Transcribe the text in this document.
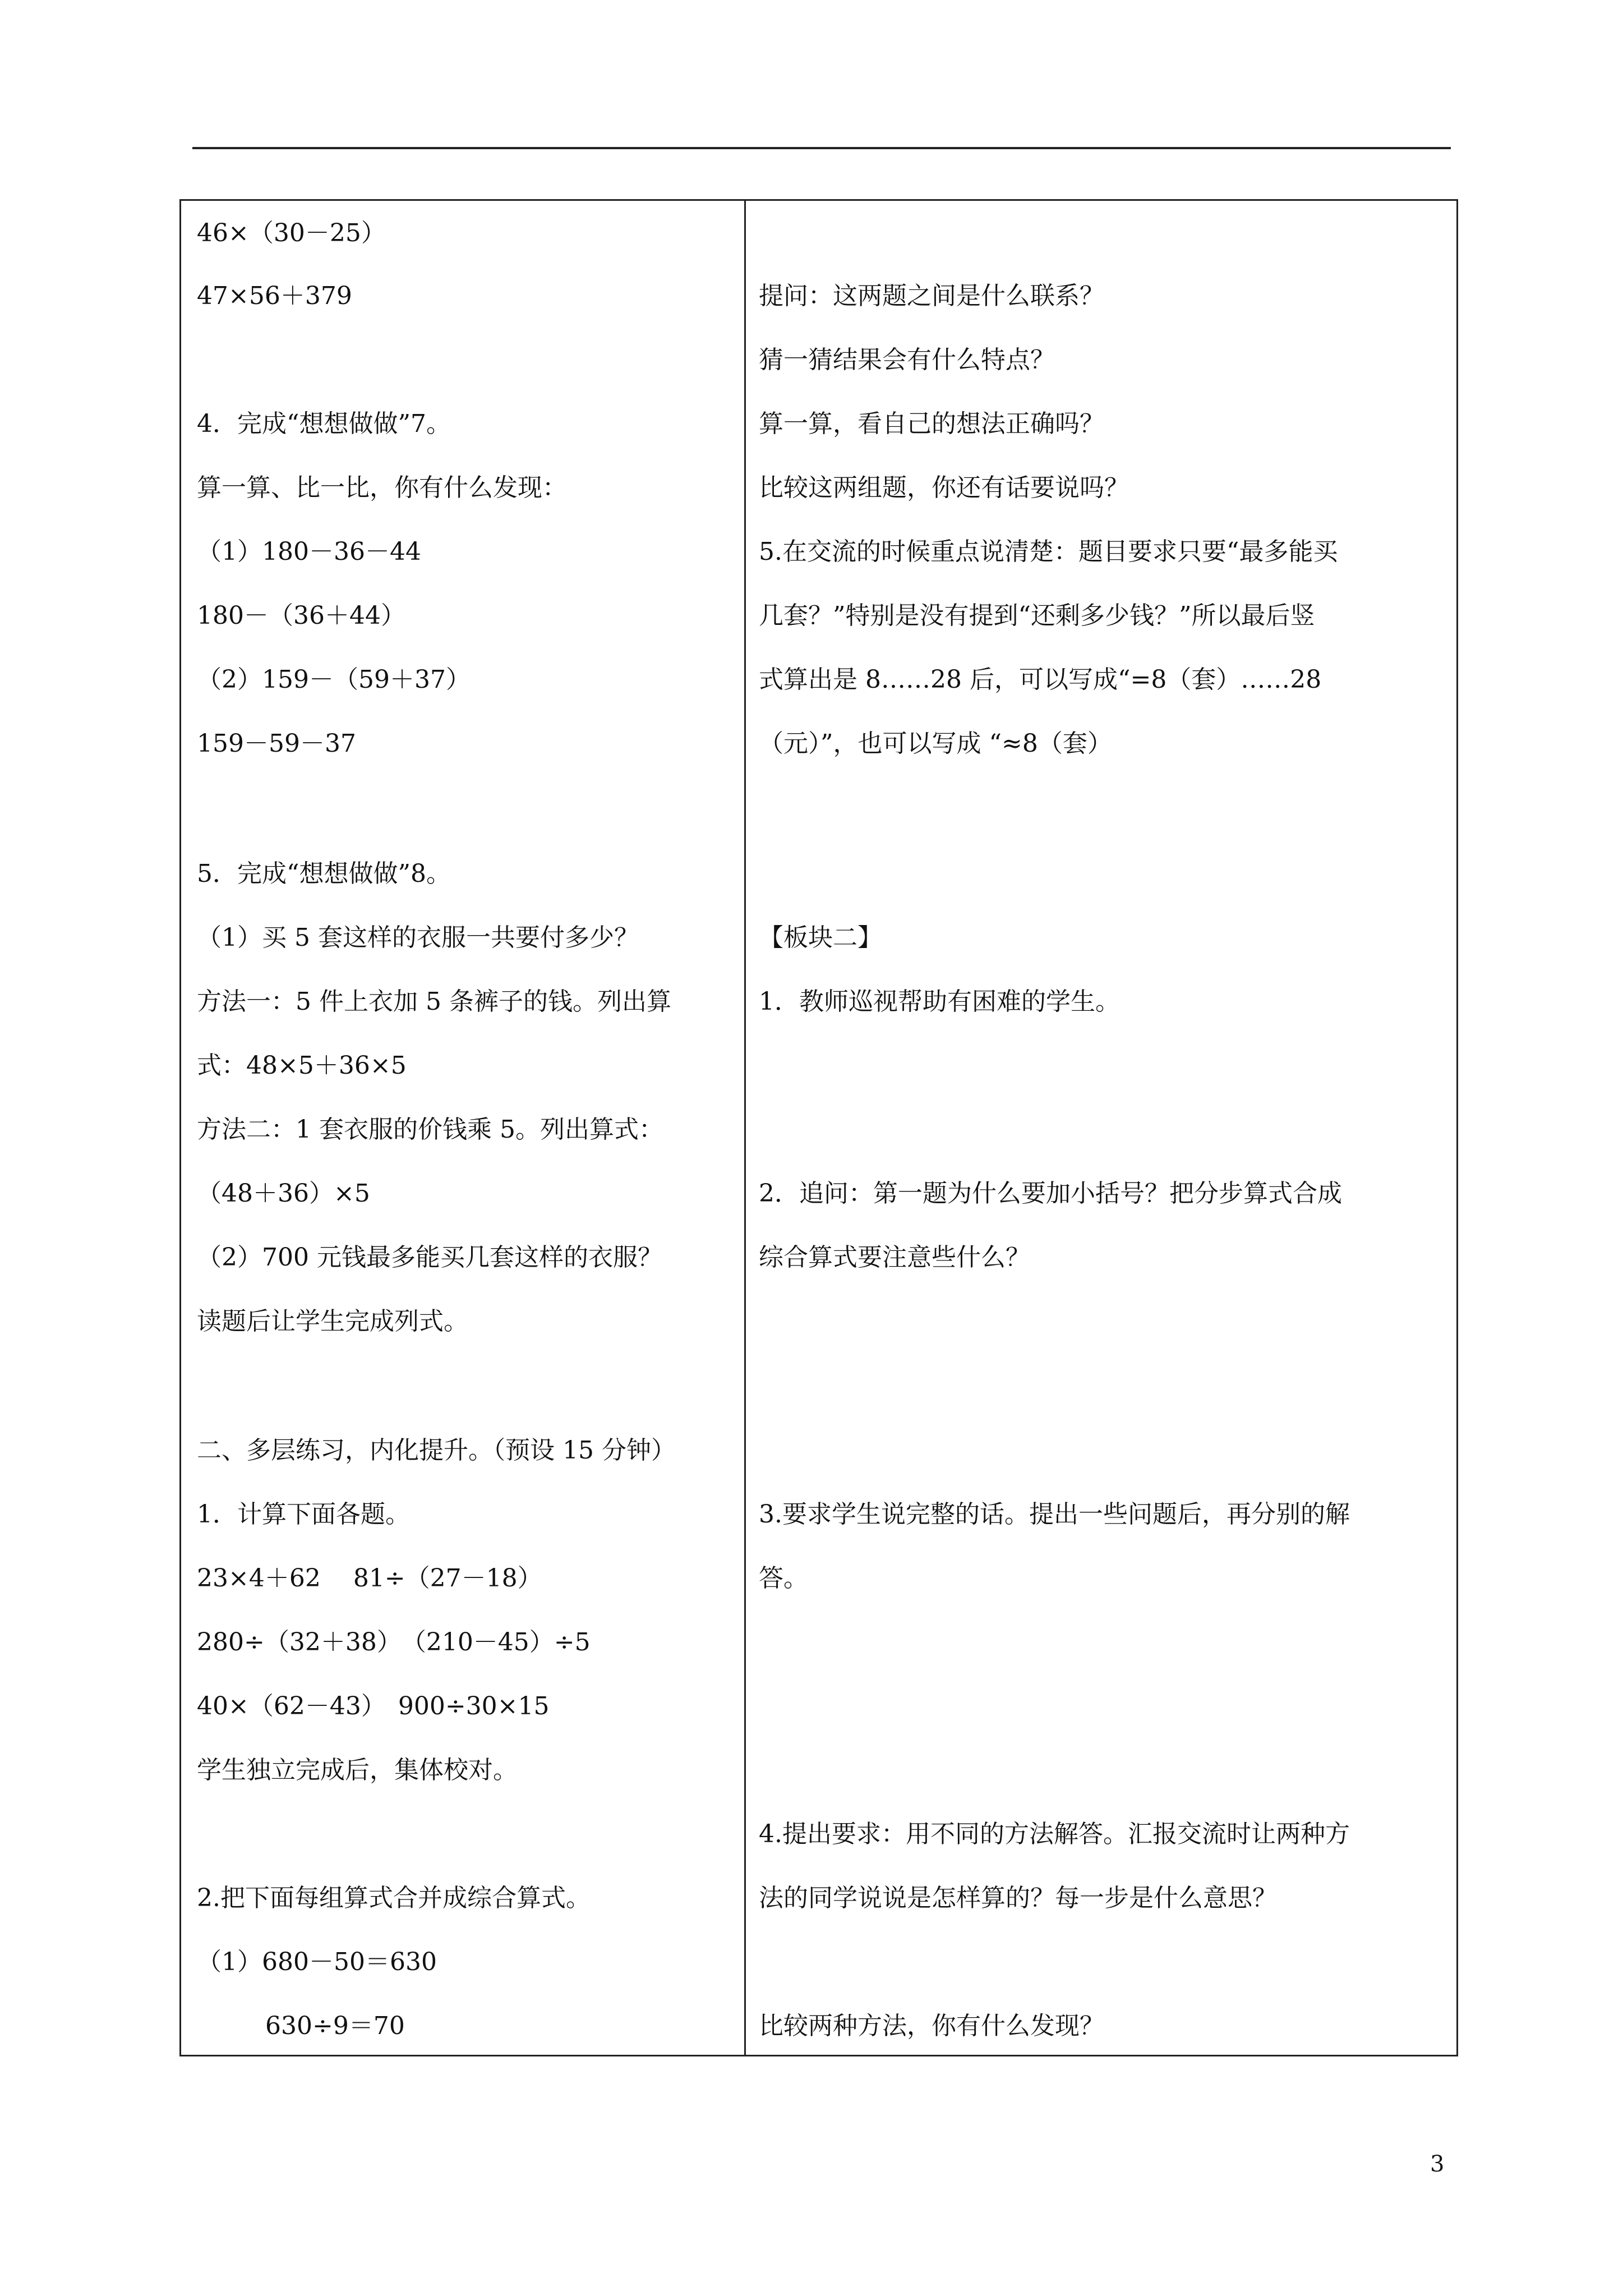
46×（30－25）
47×56＋379
4．完成“想想做做”7。
算一算、比一比，你有什么发现：
（1）180－36－44
180－（36＋44）
（2）159－（59＋37）
159－59－37
5．完成“想想做做”8。
（1）买 5 套这样的衣服一共要付多少？
方法一：5 件上衣加 5 条裤子的钱。列出算
式：48×5＋36×5
方法二：1 套衣服的价钱乘 5。列出算式：
（48＋36）×5
（2）700 元钱最多能买几套这样的衣服？
读题后让学生完成列式。
二、多层练习，内化提升。（预设 15 分钟）
1．计算下面各题。
23×4＋62　 81÷（27－18）
280÷（32＋38）　（210－45）÷5
40×（62－43）　900÷30×15
学生独立完成后，集体校对。
2.把下面每组算式合并成综合算式。
（1）680－50＝630
630÷9＝70
提问：这两题之间是什么联系？
猜一猜结果会有什么特点？
算一算，看自己的想法正确吗？
比较这两组题，你还有话要说吗？
5.在交流的时候重点说清楚：题目要求只要“最多能买
几套？”特别是没有提到“还剩多少钱？”所以最后竖
式算出是 8……28 后，可以写成“=8（套）……28
（元）”，也可以写成 “≈8（套）
【板块二】
1．教师巡视帮助有困难的学生。
2．追问：第一题为什么要加小括号？把分步算式合成
综合算式要注意些什么？
3.要求学生说完整的话。提出一些问题后，再分别的解
答。
4.提出要求：用不同的方法解答。汇报交流时让两种方
法的同学说说是怎样算的？每一步是什么意思？
比较两种方法，你有什么发现？
3
